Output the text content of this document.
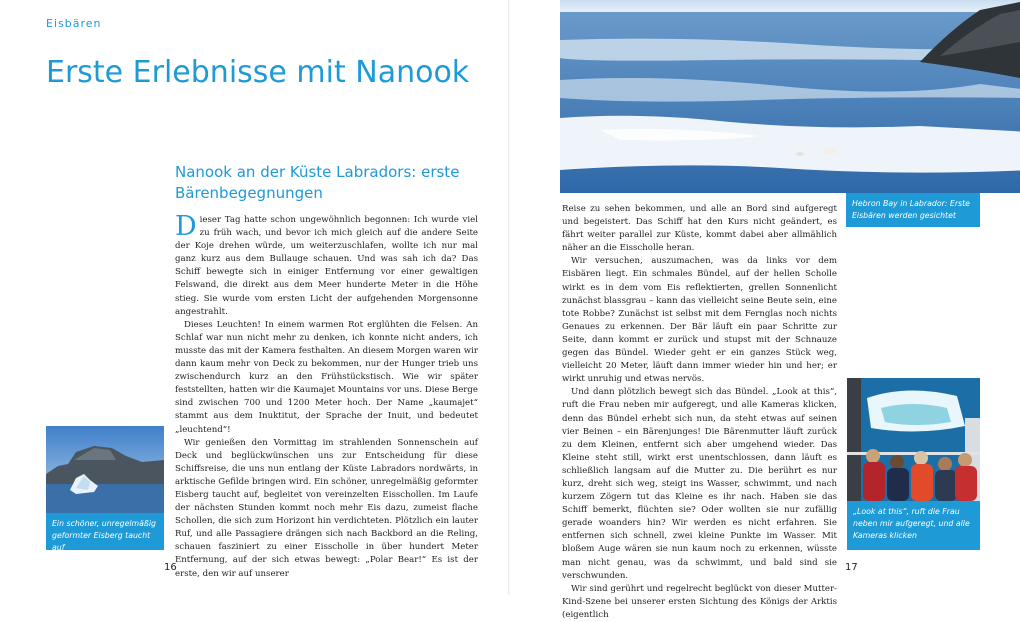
Eisbären
Erste Erlebnisse mit Nanook
Nanook an der Küste Labradors: erste Bärenbegegnungen

Dieser Tag hatte schon ungewöhnlich begonnen: Ich wurde viel zu früh wach, und bevor ich mich gleich auf die andere Seite der Koje drehen würde, um weiterzuschlafen, wollte ich nur mal ganz kurz aus dem Bullauge schauen. Und was sah ich da? Das Schiff bewegte sich in einiger Entfernung vor einer gewaltigen Felswand, die direkt aus dem Meer hunderte Meter in die Höhe stieg. Sie wurde vom ersten Licht der aufgehenden Morgensonne angestrahlt.

Dieses Leuchten! In einem warmen Rot erglühten die Felsen. An Schlaf war nun nicht mehr zu denken, ich konnte nicht anders, ich musste das mit der Kamera festhalten. An diesem Morgen waren wir dann kaum mehr von Deck zu bekommen, nur der Hunger trieb uns zwischendurch kurz an den Frühstückstisch. Wie wir später feststellten, hatten wir die Kaumajet Mountains vor uns. Diese Berge sind zwischen 700 und 1200 Meter hoch. Der Name „kaumajet“ stammt aus dem Inuktitut, der Sprache der Inuit, und bedeutet „leuchtend“!

Wir genießen den Vormittag im strahlenden Sonnenschein auf Deck und beglückwünschen uns zur Entscheidung für diese Schiffsreise, die uns nun entlang der Küste Labradors nordwärts, in arktische Gefilde bringen wird. Ein schöner, unregelmäßig geformter Eisberg taucht auf, begleitet von vereinzelten Eisschollen. Im Laufe der nächsten Stunden kommt noch mehr Eis dazu, zumeist flache Schollen, die sich zum Horizont hin verdichteten. Plötzlich ein lauter Ruf, und alle Passagiere drängen sich nach Backbord an die Reling, schauen fasziniert zu einer Eisscholle in über hundert Meter Entfernung, auf der sich etwas bewegt: „Polar Bear!“ Es ist der erste, den wir auf unserer

Ein schöner, unregelmäßig geformter Eisberg taucht auf
16
Hebron Bay in Labrador: Erste Eisbären werden gesichtet

Reise zu sehen bekommen, und alle an Bord sind aufgeregt und begeistert. Das Schiff hat den Kurs nicht geändert, es fährt weiter parallel zur Küste, kommt dabei aber allmählich näher an die Eisscholle heran.

Wir versuchen, auszumachen, was da links vor dem Eisbären liegt. Ein schmales Bündel, auf der hellen Scholle wirkt es in dem vom Eis reflektierten, grellen Sonnenlicht zunächst blassgrau – kann das vielleicht seine Beute sein, eine tote Robbe? Zunächst ist selbst mit dem Fernglas noch nichts Genaues zu erkennen. Der Bär läuft ein paar Schritte zur Seite, dann kommt er zurück und stupst mit der Schnauze gegen das Bündel. Wieder geht er ein ganzes Stück weg, vielleicht 20 Meter, läuft dann immer wieder hin und her; er wirkt unruhig und etwas nervös.

Und dann plötzlich bewegt sich das Bündel. „Look at this“, ruft die Frau neben mir aufgeregt, und alle Kameras klicken, denn das Bündel erhebt sich nun, da steht etwas auf seinen vier Beinen – ein Bärenjunges! Die Bärenmutter läuft zurück zu dem Kleinen, entfernt sich aber umgehend wieder. Das Kleine steht still, wirkt erst unentschlossen, dann läuft es schließlich langsam auf die Mutter zu. Die berührt es nur kurz, dreht sich weg, steigt ins Wasser, schwimmt, und nach kurzem Zögern tut das Kleine es ihr nach. Haben sie das Schiff bemerkt, flüchten sie? Oder wollten sie nur zufällig gerade woanders hin? Wir werden es nicht erfahren. Sie entfernen sich schnell, zwei kleine Punkte im Wasser. Mit bloßem Auge wären sie nun kaum noch zu erkennen, wüsste man nicht genau, was da schwimmt, und bald sind sie verschwunden.

Wir sind gerührt und regelrecht beglückt von dieser Mutter-Kind-Szene bei unserer ersten Sichtung des Königs der Arktis (eigentlich

„Look at this“, ruft die Frau neben mir aufgeregt, und alle Kameras klicken
17
